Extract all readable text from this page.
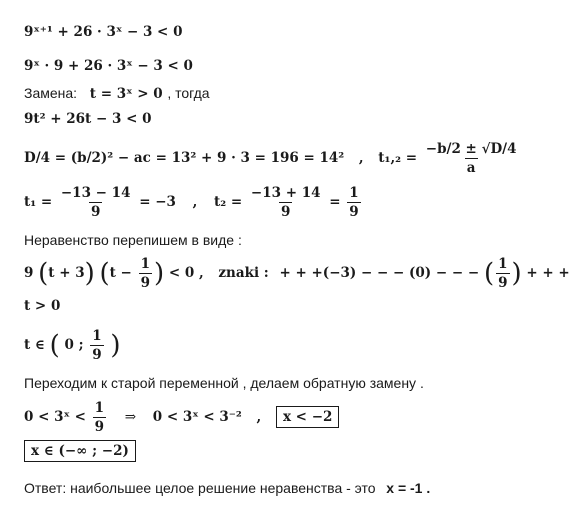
9ˣ⁺¹ + 26 · 3ˣ − 3 < 0
9ˣ · 9 + 26 · 3ˣ − 3 < 0
Замена: t = 3ˣ > 0 , тогда
9t² + 26t − 3 < 0
D/4 = (b/2)² − ac = 13² + 9 · 3 = 196 = 14² , $t_1,_2 = \frac{-b/2 \pm √D/4}{a}$
$t_1 = \frac{-13 - 14}{9} = -3$ , $t_2 = \frac{-13 + 14}{9} = \frac{1}{9}$
Неравенство перепишем в виде :
9 (t + 3) ($t - \frac{1}{9}$ ) < 0 , znaki : + + +(−3) − − − (0) − − − ( $\frac{1}{9}$ ) + + +
t > 0
t ∈ ( 0 ; $\frac{1}{9}$ )
Переходим к старой переменной , делаем обратную замену .
0 < 3ˣ < $\frac{1}{9}$ ⇒ 0 < 3ˣ < 3⁻² , x < −2
x ∈ (−∞ ; −2)
Ответ: наибольшее целое решение неравенства - это x = -1 .
